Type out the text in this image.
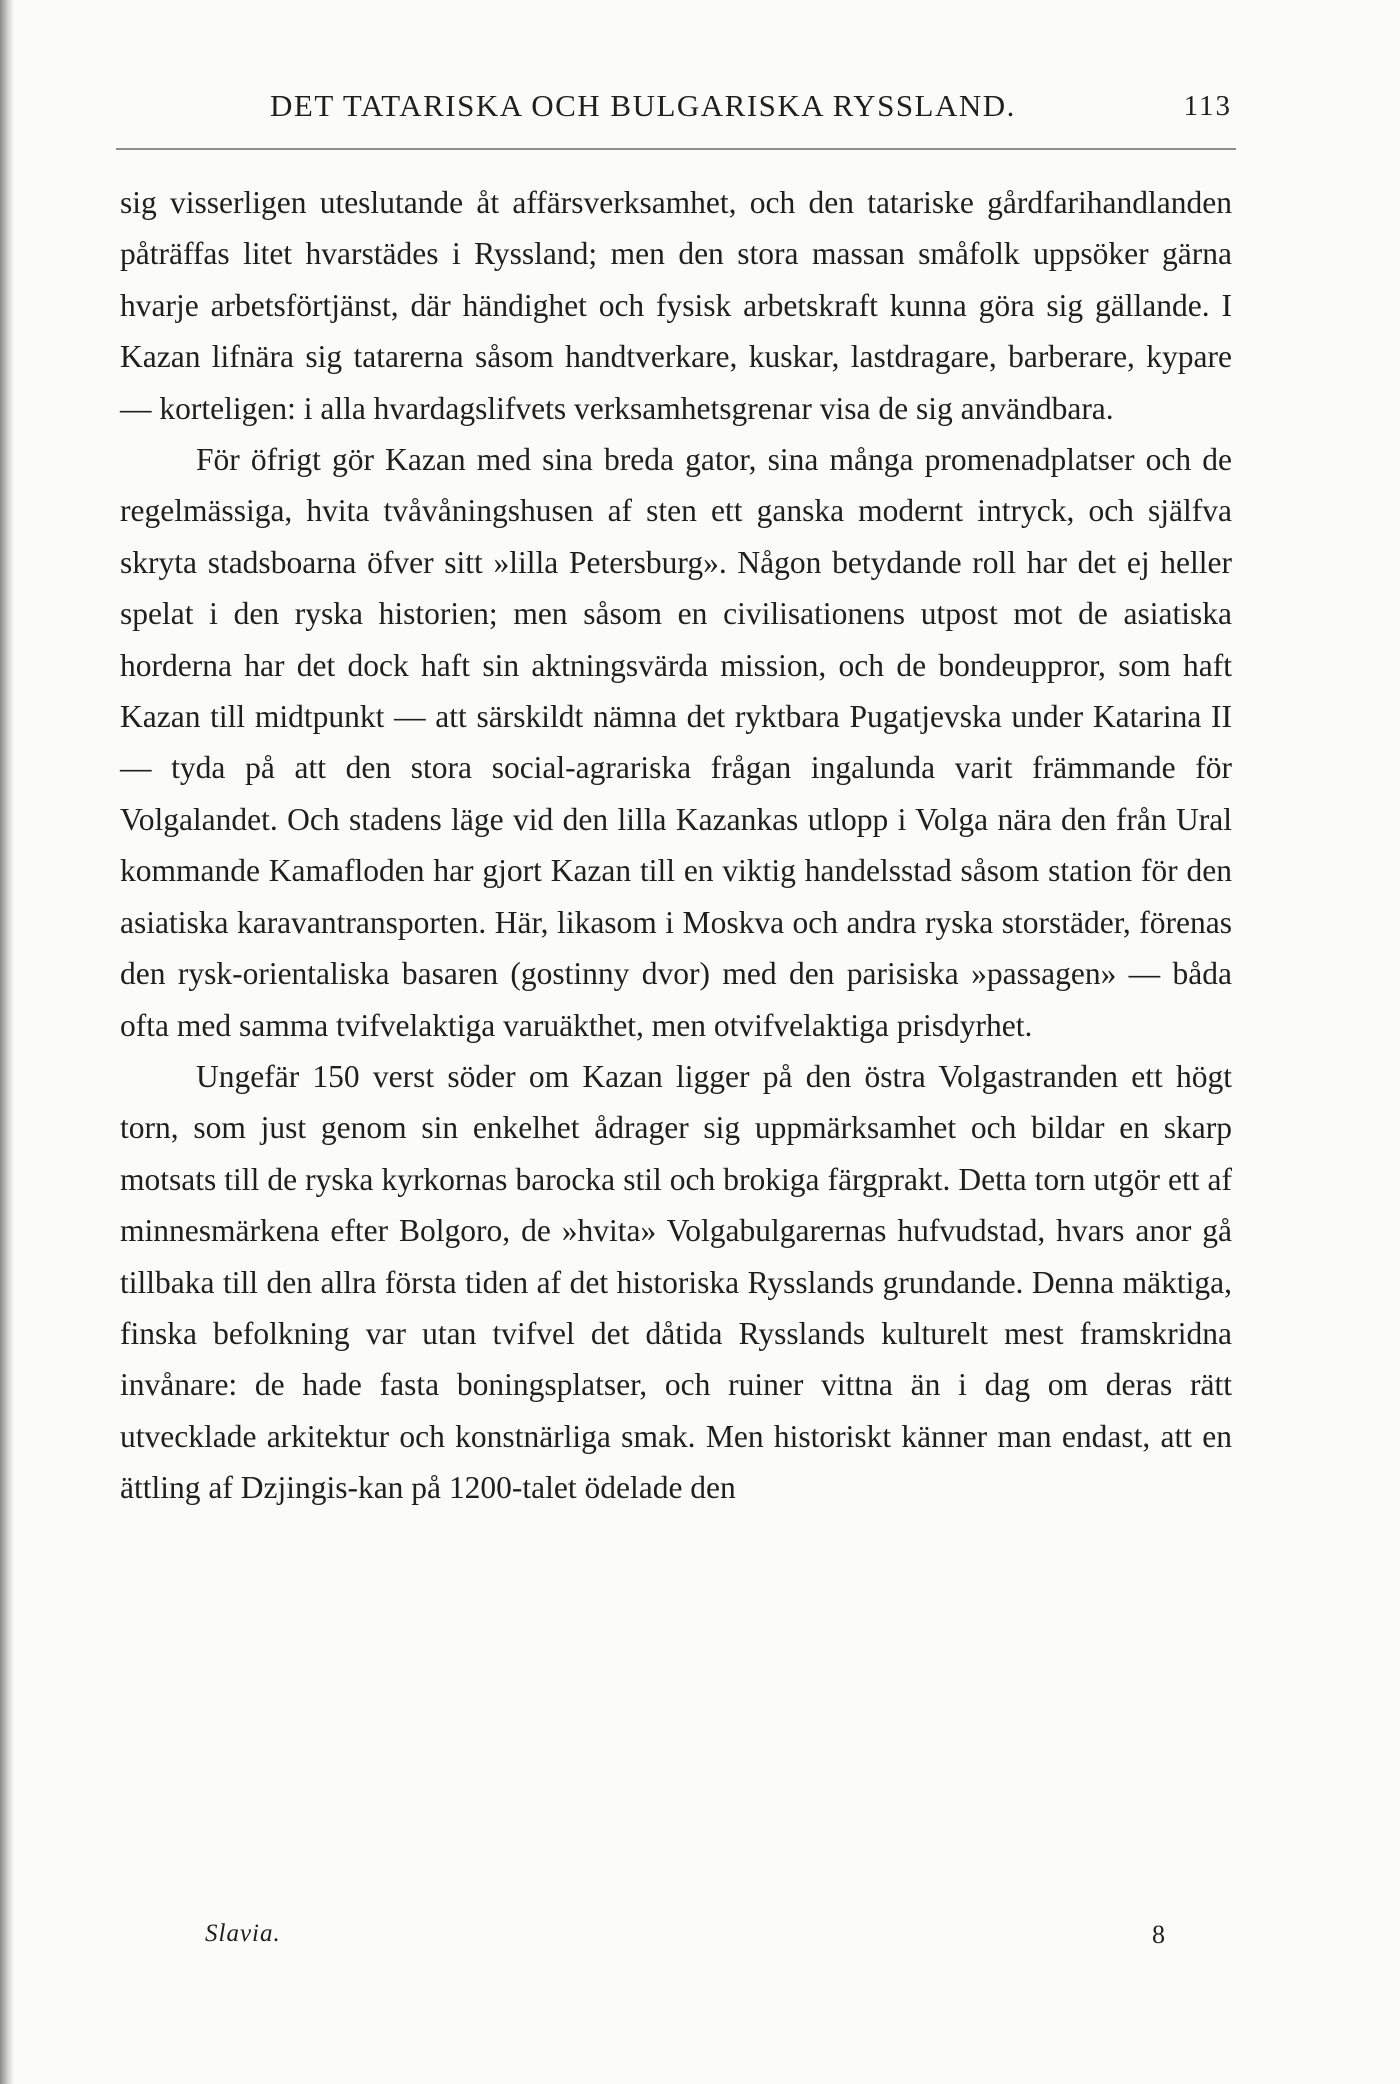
DET TATARISKA OCH BULGARISKA RYSSLAND.	113

sig visserligen uteslutande åt affärsverksamhet, och den tatariske gårdfarihandlanden påträffas litet hvarstädes i Ryssland; men den stora massan småfolk uppsöker gärna hvarje arbetsförtjänst, där händighet och fysisk arbetskraft kunna göra sig gällande. I Kazan lifnära sig tatarerna såsom handtverkare, kuskar, lastdragare, barberare, kypare — korteligen: i alla hvardagslifvets verksamhetsgrenar visa de sig användbara.

För öfrigt gör Kazan med sina breda gator, sina många promenadplatser och de regelmässiga, hvita tvåvåningshusen af sten ett ganska modernt intryck, och själfva skryta stadsboarna öfver sitt »lilla Petersburg». Någon betydande roll har det ej heller spelat i den ryska historien; men såsom en civilisationens utpost mot de asiatiska horderna har det dock haft sin aktningsvärda mission, och de bondeuppror, som haft Kazan till midtpunkt — att särskildt nämna det ryktbara Pugatjevska under Katarina II — tyda på att den stora social-agrariska frågan ingalunda varit främmande för Volgalandet. Och stadens läge vid den lilla Kazankas utlopp i Volga nära den från Ural kommande Kamafloden har gjort Kazan till en viktig handelsstad såsom station för den asiatiska karavantransporten. Här, likasom i Moskva och andra ryska storstäder, förenas den rysk-orientaliska basaren (gostinny dvor) med den parisiska »passagen» — båda ofta med samma tvifvelaktiga varuäkthet, men otvifvelaktiga prisdyrhet.

Ungefär 150 verst söder om Kazan ligger på den östra Volgastranden ett högt torn, som just genom sin enkelhet ådrager sig uppmärksamhet och bildar en skarp motsats till de ryska kyrkornas barocka stil och brokiga färgprakt. Detta torn utgör ett af minnesmärkena efter Bolgoro, de »hvita» Volgabulgarernas hufvudstad, hvars anor gå tillbaka till den allra första tiden af det historiska Rysslands grundande. Denna mäktiga, finska befolkning var utan tvifvel det dåtida Rysslands kulturelt mest framskridna invånare: de hade fasta boningsplatser, och ruiner vittna än i dag om deras rätt utvecklade arkitektur och konstnärliga smak. Men historiskt känner man endast, att en ättling af Dzjingis-kan på 1200-talet ödelade den

Slavia.	8
